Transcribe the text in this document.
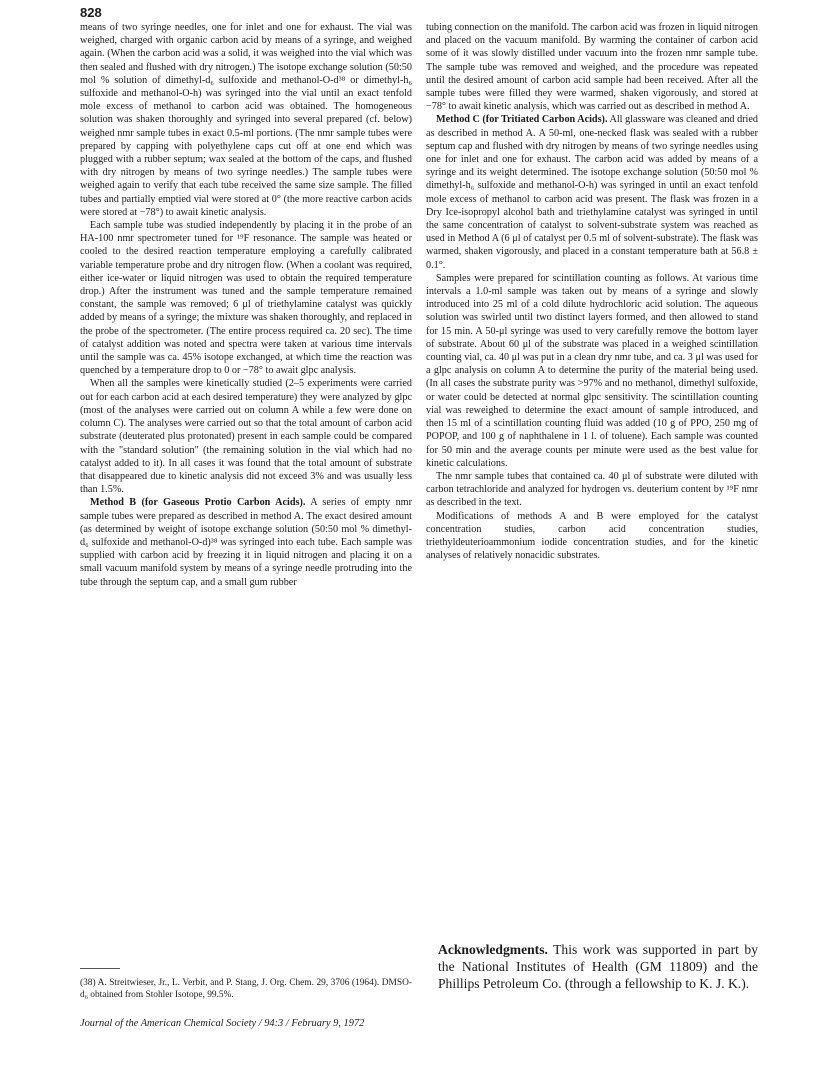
828

means of two syringe needles, one for inlet and one for exhaust. The vial was weighed, charged with organic carbon acid by means of a syringe, and weighed again. (When the carbon acid was a solid, it was weighed into the vial which was then sealed and flushed with dry nitrogen.) The isotope exchange solution (50:50 mol % solution of dimethyl-d₆ sulfoxide and methanol-O-d³⁸ or dimethyl-h₆ sulfoxide and methanol-O-h) was syringed into the vial until an exact tenfold mole excess of methanol to carbon acid was obtained. The homogeneous solution was shaken thoroughly and syringed into several prepared (cf. below) weighed nmr sample tubes in exact 0.5-ml portions. (The nmr sample tubes were prepared by capping with polyethylene caps cut off at one end which was plugged with a rubber septum; wax sealed at the bottom of the caps, and flushed with dry nitrogen by means of two syringe needles.) The sample tubes were weighed again to verify that each tube received the same size sample. The filled tubes and partially emptied vial were stored at 0° (the more reactive carbon acids were stored at −78°) to await kinetic analysis.

Each sample tube was studied independently by placing it in the probe of an HA-100 nmr spectrometer tuned for ¹⁹F resonance. The sample was heated or cooled to the desired reaction temperature employing a carefully calibrated variable temperature probe and dry nitrogen flow. (When a coolant was required, either ice-water or liquid nitrogen was used to obtain the required temperature drop.) After the instrument was tuned and the sample temperature remained constant, the sample was removed; 6 μl of triethylamine catalyst was quickly added by means of a syringe; the mixture was shaken thoroughly, and replaced in the probe of the spectrometer. (The entire process required ca. 20 sec). The time of catalyst addition was noted and spectra were taken at various time intervals until the sample was ca. 45% isotope exchanged, at which time the reaction was quenched by a temperature drop to 0 or −78° to await glpc analysis.

When all the samples were kinetically studied (2–5 experiments were carried out for each carbon acid at each desired temperature) they were analyzed by glpc (most of the analyses were carried out on column A while a few were done on column C). The analyses were carried out so that the total amount of carbon acid substrate (deuterated plus protonated) present in each sample could be compared with the "standard solution" (the remaining solution in the vial which had no catalyst added to it). In all cases it was found that the total amount of substrate that disappeared due to kinetic analysis did not exceed 3% and was usually less than 1.5%.

Method B (for Gaseous Protio Carbon Acids). A series of empty nmr sample tubes were prepared as described in method A. The exact desired amount (as determined by weight of isotope exchange solution (50:50 mol % dimethyl-d₆ sulfoxide and methanol-O-d)³⁸ was syringed into each tube. Each sample was supplied with carbon acid by freezing it in liquid nitrogen and placing it on a small vacuum manifold system by means of a syringe needle protruding into the tube through the septum cap, and a small gum rubber

tubing connection on the manifold. The carbon acid was frozen in liquid nitrogen and placed on the vacuum manifold. By warming the container of carbon acid some of it was slowly distilled under vacuum into the frozen nmr sample tube. The sample tube was removed and weighed, and the procedure was repeated until the desired amount of carbon acid sample had been received. After all the sample tubes were filled they were warmed, shaken vigorously, and stored at −78° to await kinetic analysis, which was carried out as described in method A.

Method C (for Tritiated Carbon Acids). All glassware was cleaned and dried as described in method A. A 50-ml, one-necked flask was sealed with a rubber septum cap and flushed with dry nitrogen by means of two syringe needles using one for inlet and one for exhaust. The carbon acid was added by means of a syringe and its weight determined. The isotope exchange solution (50:50 mol % dimethyl-h₆ sulfoxide and methanol-O-h) was syringed in until an exact tenfold mole excess of methanol to carbon acid was present. The flask was frozen in a Dry Ice-isopropyl alcohol bath and triethylamine catalyst was syringed in until the same concentration of catalyst to solvent-substrate system was reached as used in Method A (6 μl of catalyst per 0.5 ml of solvent-substrate). The flask was warmed, shaken vigorously, and placed in a constant temperature bath at 56.8 ± 0.1°.

Samples were prepared for scintillation counting as follows. At various time intervals a 1.0-ml sample was taken out by means of a syringe and slowly introduced into 25 ml of a cold dilute hydrochloric acid solution. The aqueous solution was swirled until two distinct layers formed, and then allowed to stand for 15 min. A 50-μl syringe was used to very carefully remove the bottom layer of substrate. About 60 μl of the substrate was placed in a weighed scintillation counting vial, ca. 40 μl was put in a clean dry nmr tube, and ca. 3 μl was used for a glpc analysis on column A to determine the purity of the material being used. (In all cases the substrate purity was >97% and no methanol, dimethyl sulfoxide, or water could be detected at normal glpc sensitivity. The scintillation counting vial was reweighed to determine the exact amount of sample introduced, and then 15 ml of a scintillation counting fluid was added (10 g of PPO, 250 mg of POPOP, and 100 g of naphthalene in 1 l. of toluene). Each sample was counted for 50 min and the average counts per minute were used as the best value for kinetic calculations.

The nmr sample tubes that contained ca. 40 μl of substrate were diluted with carbon tetrachloride and analyzed for hydrogen vs. deuterium content by ¹⁹F nmr as described in the text.

Modifications of methods A and B were employed for the catalyst concentration studies, carbon acid concentration studies, triethyldeuterioammonium iodide concentration studies, and for the kinetic analyses of relatively nonacidic substrates.

(38) A. Streitwieser, Jr., L. Verbit, and P. Stang, J. Org. Chem. 29, 3706 (1964). DMSO-d₆ obtained from Stohler Isotope, 99.5%.
Acknowledgments. This work was supported in part by the National Institutes of Health (GM 11809) and the Phillips Petroleum Co. (through a fellowship to K. J. K.).
Journal of the American Chemical Society / 94:3 / February 9, 1972
